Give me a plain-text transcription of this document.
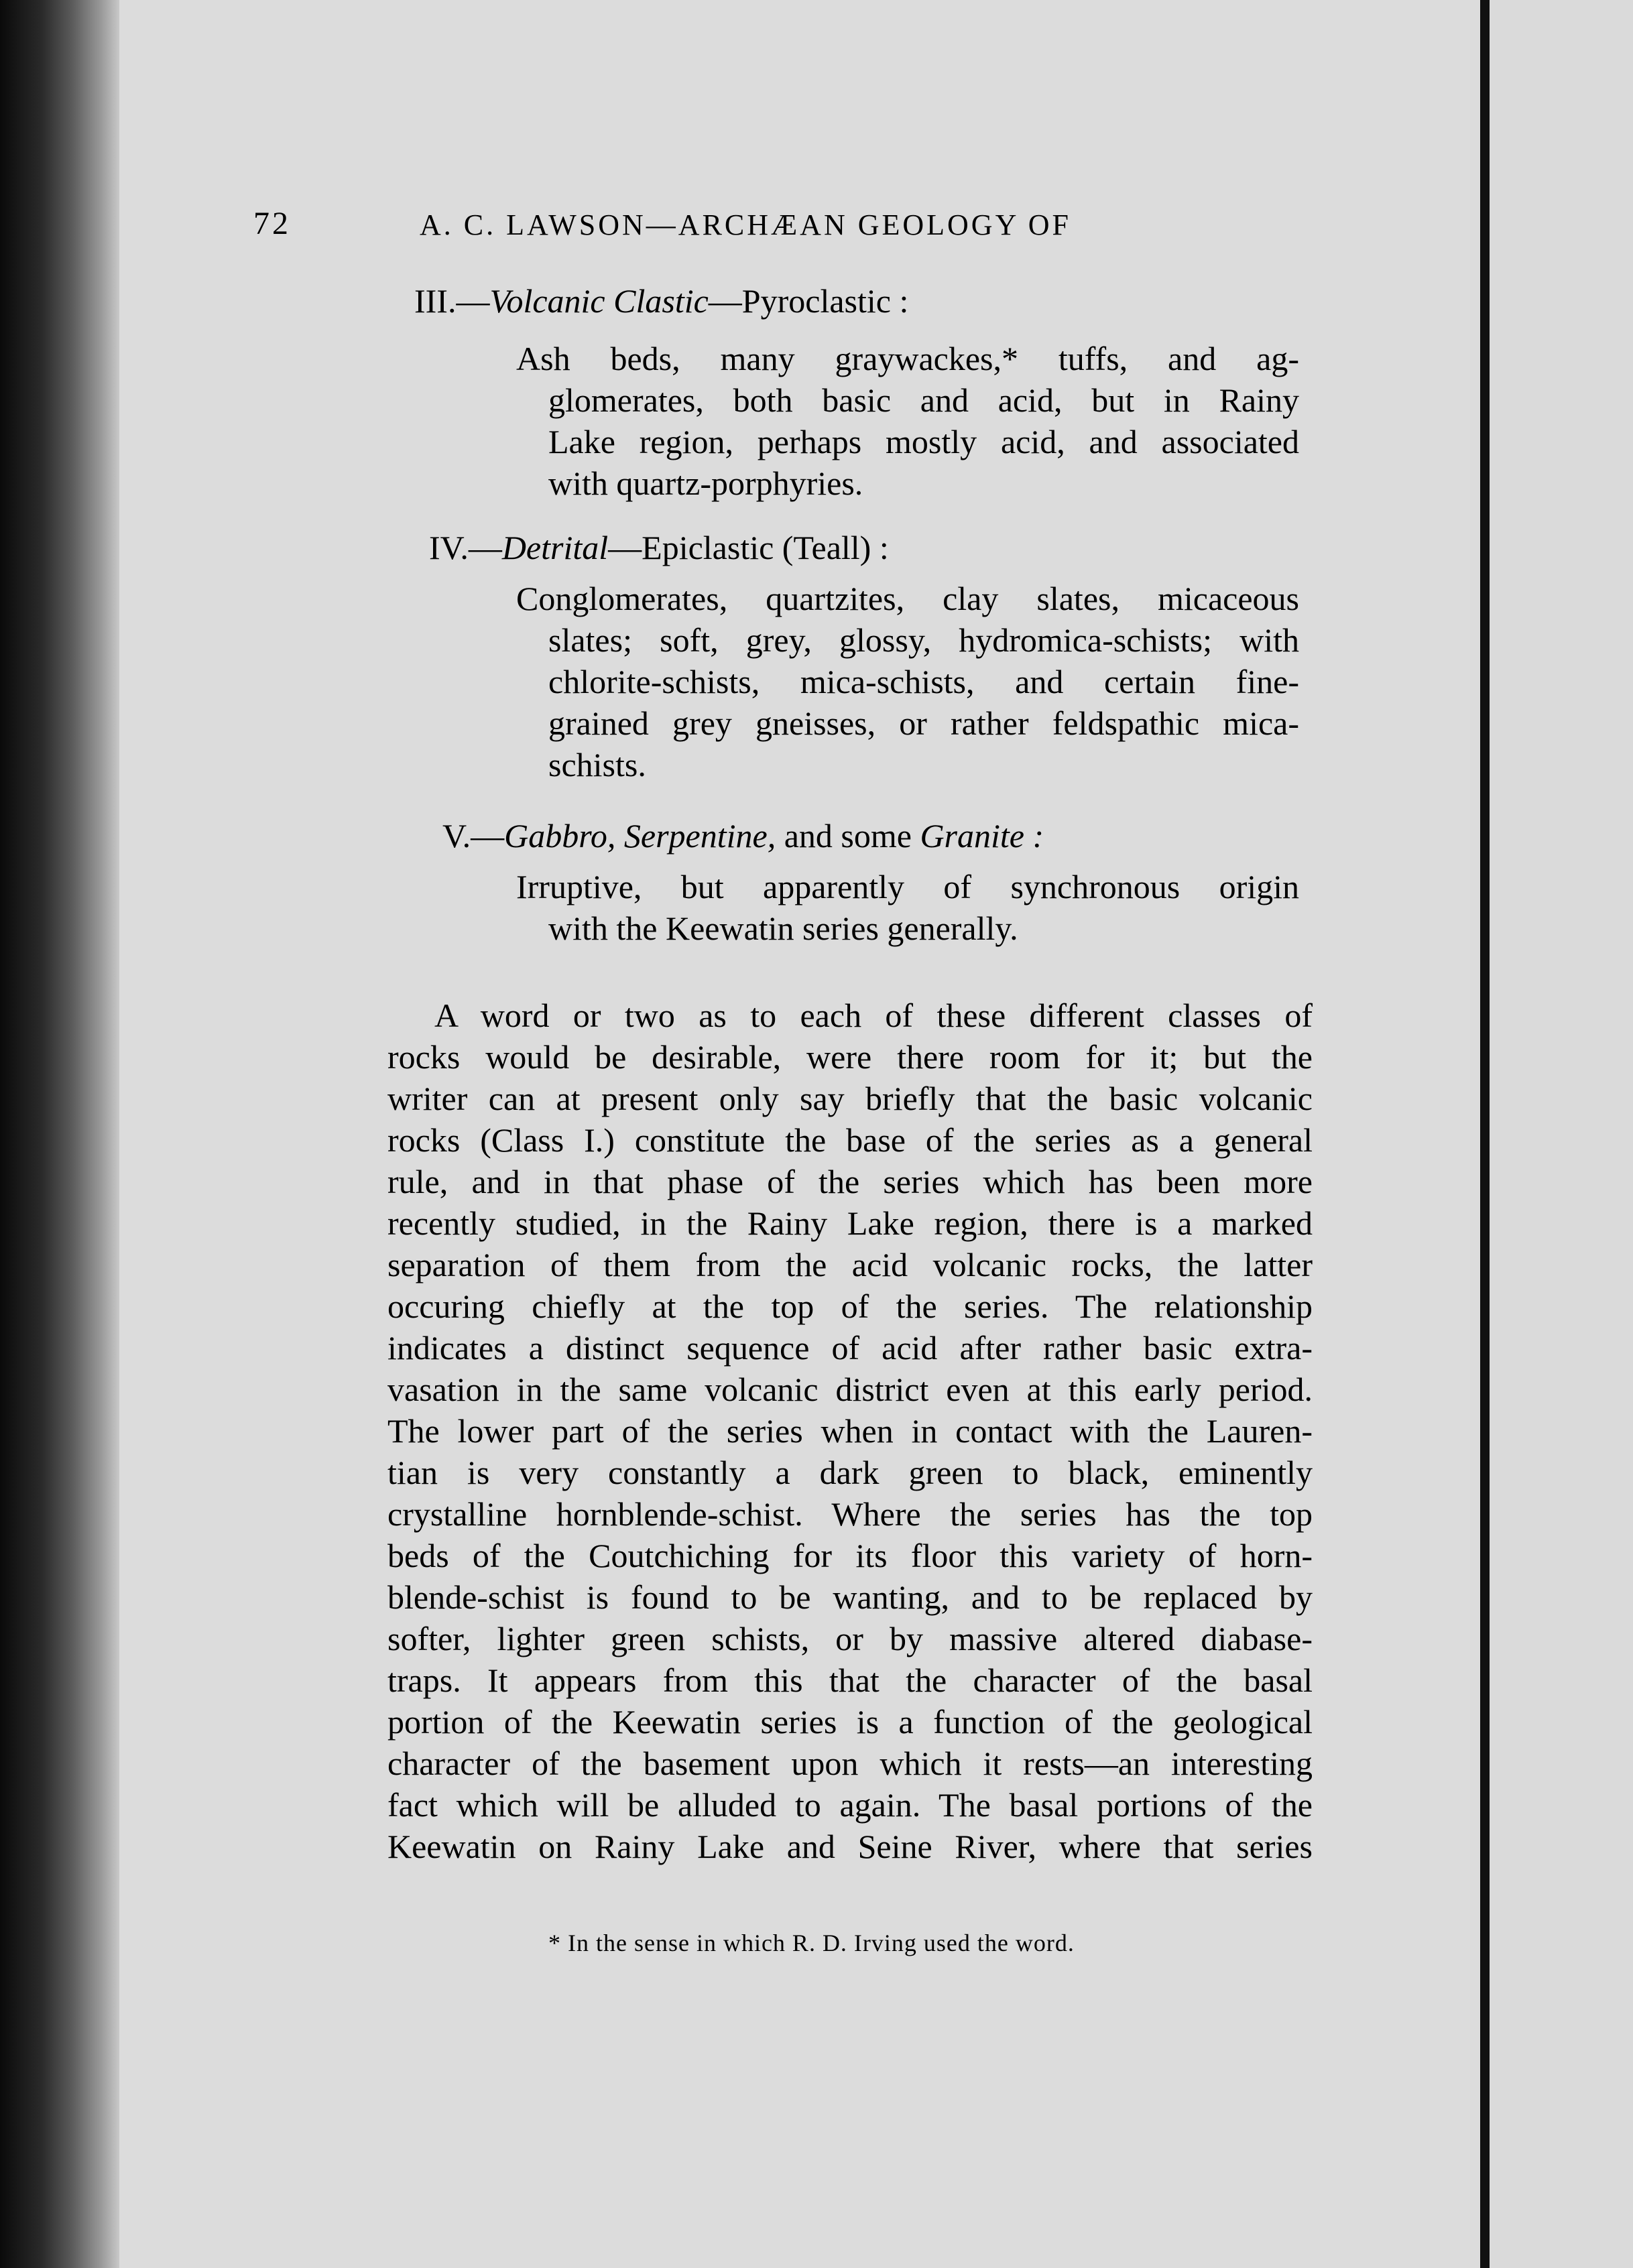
72	A. C. LAWSON—ARCHÆAN GEOLOGY OF
III.—Volcanic Clastic—Pyroclastic :
Ash beds, many graywackes,* tuffs, and ag-
glomerates, both basic and acid, but in Rainy
Lake region, perhaps mostly acid, and associated
with quartz-porphyries.
IV.—Detrital—Epiclastic (Teall) :
Conglomerates, quartzites, clay slates, micaceous
slates; soft, grey, glossy, hydromica-schists; with
chlorite-schists, mica-schists, and certain fine-
grained grey gneisses, or rather feldspathic mica-
schists.
V.—Gabbro, Serpentine, and some Granite :
Irruptive, but apparently of synchronous origin
with the Keewatin series generally.
A word or two as to each of these different classes of
rocks would be desirable, were there room for it; but the
writer can at present only say briefly that the basic volcanic
rocks (Class I.) constitute the base of the series as a general
rule, and in that phase of the series which has been more
recently studied, in the Rainy Lake region, there is a marked
separation of them from the acid volcanic rocks, the latter
occuring chiefly at the top of the series. The relationship
indicates a distinct sequence of acid after rather basic extra-
vasation in the same volcanic district even at this early period.
The lower part of the series when in contact with the Lauren-
tian is very constantly a dark green to black, eminently
crystalline hornblende-schist. Where the series has the top
beds of the Coutchiching for its floor this variety of horn-
blende-schist is found to be wanting, and to be replaced by
softer, lighter green schists, or by massive altered diabase-
traps. It appears from this that the character of the basal
portion of the Keewatin series is a function of the geological
character of the basement upon which it rests—an interesting
fact which will be alluded to again. The basal portions of the
Keewatin on Rainy Lake and Seine River, where that series
* In the sense in which R. D. Irving used the word.
